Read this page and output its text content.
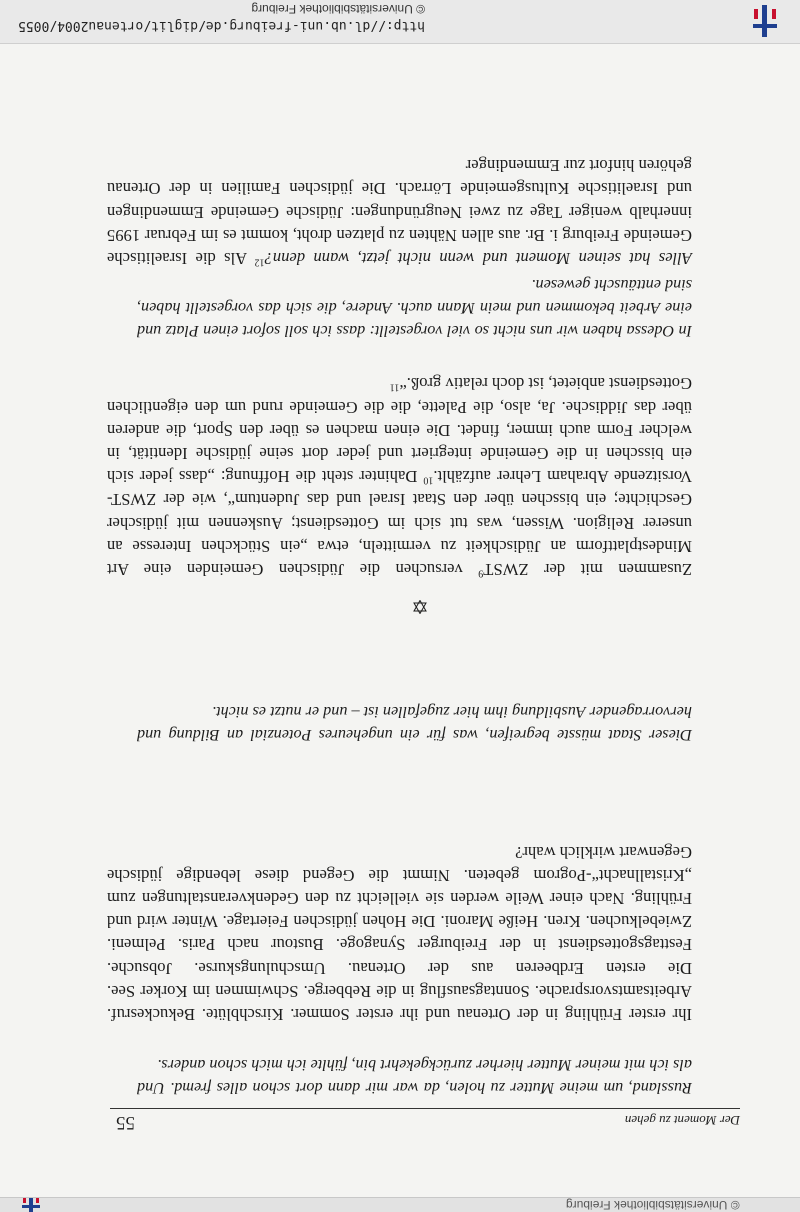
© Universitätsbibliothek Freiburg
Der Moment zu gehen
55
Russland, um meine Mutter zu holen, da war mir dann dort schon alles fremd. Und als ich mit meiner Mutter hierher zurückgekehrt bin, fühlte ich mich schon anders.
Ihr erster Frühling in der Ortenau und ihr erster Sommer. Kirschblüte. Bekuckesruf. Arbeitsamtsvorsprache. Sonntagsausflug in die Rebberge. Schwimmen im Korker See. Die ersten Erdbeeren aus der Ortenau. Umschulungskurse. Jobsuche. Festtagsgottesdienst in der Freiburger Synagoge. Bustour nach Paris. Pelmeni. Zwiebelkuchen. Kren. Heiße Maroni. Die Hohen jüdischen Feiertage. Winter wird und Frühling. Nach einer Weile werden sie vielleicht zu den Gedenkveranstaltungen zum „Kristallnacht“-Pogrom gebeten. Nimmt die Gegend diese lebendige jüdische Gegenwart wirklich wahr?
Dieser Staat müsste begreifen, was für ein ungeheures Potenzial an Bildung und hervorragender Ausbildung ihm hier zugefallen ist – und er nutzt es nicht.
Zusammen mit der ZWST$^9$ versuchen die Jüdischen Gemeinden eine Art Mindestplattform an Jüdischkeit zu vermitteln, etwa „ein Stückchen Interesse an unserer Religion. Wissen, was tut sich im Gottesdienst; Auskennen mit jüdischer Geschichte; ein bisschen über den Staat Israel und das Judentum“, wie der ZWST-Vorsitzende Abraham Lehrer aufzählt.$^{10}$ Dahinter steht die Hoffnung: „dass jeder sich ein bisschen in die Gemeinde integriert und jeder dort seine jüdische Identität, in welcher Form auch immer, findet. Die einen machen es über den Sport, die anderen über das Jiddische. Ja, also, die Palette, die die Gemeinde rund um den eigentlichen Gottesdienst anbietet, ist doch relativ groß.“$^{11}$
In Odessa haben wir uns nicht so viel vorgestellt: dass ich soll sofort einen Platz und eine Arbeit bekommen und mein Mann auch. Andere, die sich das vorgestellt haben, sind enttäuscht gewesen.
Alles hat seinen Moment und wenn nicht jetzt, wann denn?$^{12}$ Als die Israelitische Gemeinde Freiburg i. Br. aus allen Nähten zu platzen droht, kommt es im Februar 1995 innerhalb weniger Tage zu zwei Neugründungen: Jüdische Gemeinde Emmendingen und Israelitische Kultusgemeinde Lörrach. Die jüdischen Familien in der Ortenau gehören hinfort zur Emmendinger
http://dl.ub.uni-freiburg.de/diglit/ortenau2004/0055
© Universitätsbibliothek Freiburg
